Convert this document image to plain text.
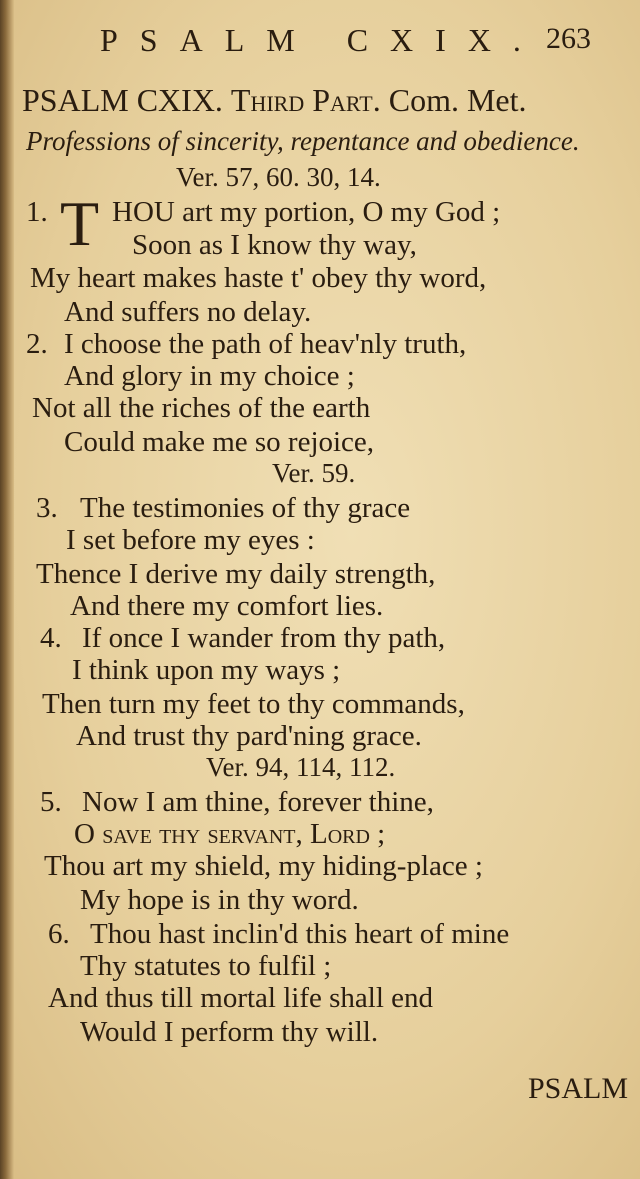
PSALM CXIX. 263
PSALM CXIX. Third Part. Com. Met.
Professions of sincerity, repentance and obedience.
Ver. 57, 60. 30, 14.
1. T HOU art my portion, O my God ;
Soon as I know thy way,
My heart makes haste t' obey thy word,
And suffers no delay.
2. I choose the path of heav'nly truth,
And glory in my choice ;
Not all the riches of the earth
Could make me so rejoice,
Ver. 59.
3. The testimonies of thy grace
I set before my eyes :
Thence I derive my daily strength,
And there my comfort lies.
4. If once I wander from thy path,
I think upon my ways ;
Then turn my feet to thy commands,
And trust thy pard'ning grace.
Ver. 94, 114, 112.
5. Now I am thine, forever thine,
O save thy servant, Lord ;
Thou art my shield, my hiding-place ;
My hope is in thy word.
6. Thou hast inclin'd this heart of mine
Thy statutes to fulfil ;
And thus till mortal life shall end
Would I perform thy will.
PSALM
